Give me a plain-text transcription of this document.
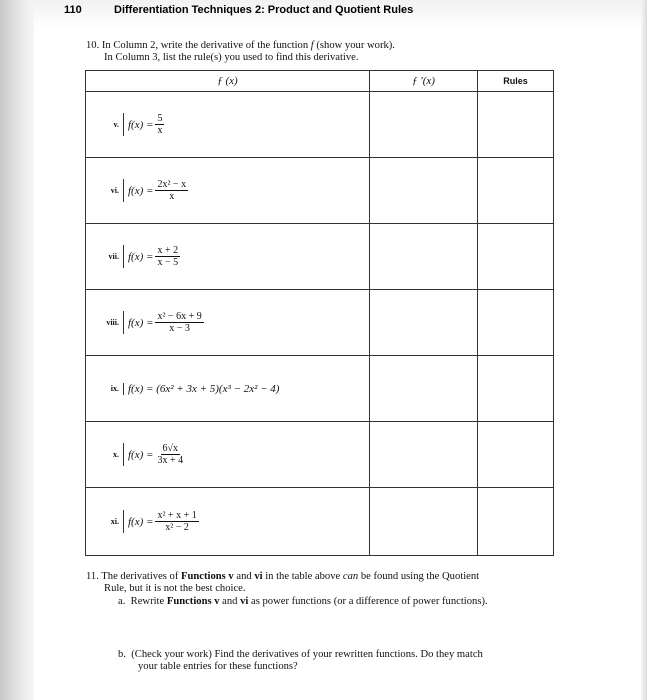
110	Differentiation Techniques 2: Product and Quotient Rules
10. In Column 2, write the derivative of the function f (show your work).
In Column 3, list the rule(s) you used to find this derivative.
ƒ (x)	ƒ '(x)	Rules

v. $f(x) = \frac{5}{x}$

vi. $f(x) = \frac{\text{2x² − x}}{x}$

vii. $f(x) = \frac{x + 2}{x - 5}$

viii. $f(x) = \frac{\text{x² − 6x + 9}}{x - 3}$

ix. f(x) = (6x² + 3x + 5)(x³ − 2x² − 4)		

x. $f(x) = \frac{6√x}{3x + 4}$

xi. $f(x) = \frac{\text{x² + x + 1}}{\text{x² − 2}}$

11. The derivatives of Functions v and vi in the table above can be found using the Quotient
Rule, but it is not the best choice.
a. Rewrite Functions v and vi as power functions (or a difference of power functions).
b. (Check your work) Find the derivatives of your rewritten functions. Do they match
your table entries for these functions?
